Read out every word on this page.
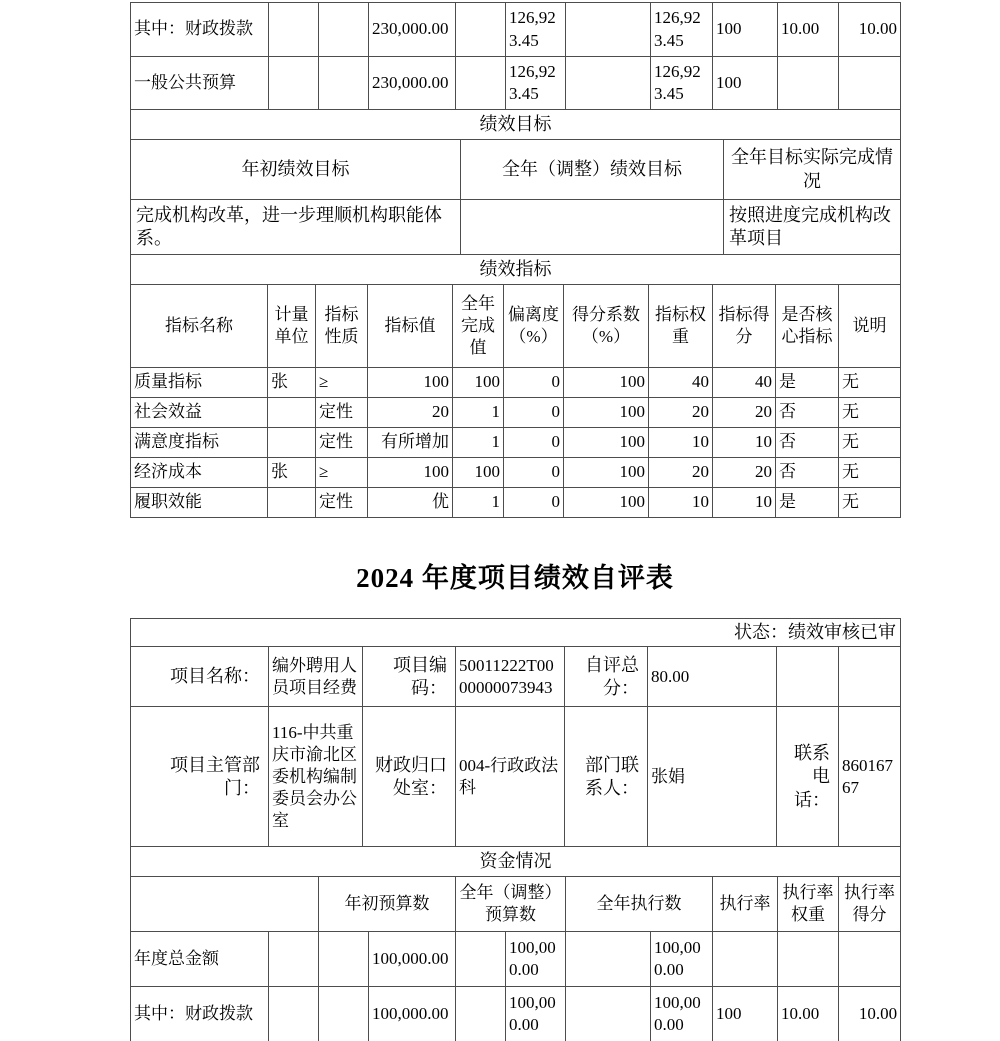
其中：财政拨款			230,000.00		126,923.45		126,923.45	100	10.00	10.00
一般公共预算			230,000.00		126,923.45		126,923.45	100		
绩效目标		
年初绩效目标	全年（调整）绩效目标	全年目标实际完成情况
完成机构改革，进一步理顺机构职能体系。		按照进度完成机构改革项目
绩效指标										
指标名称	计量单位	指标性质	指标值	全年完成值	偏离度（%）	得分系数（%）	指标权重	指标得分	是否核心指标	说明
质量指标	张	≥	100	100	0	100	40	40	是	无
社会效益		定性	20	1	0	100	20	20	否	无
满意度指标		定性	有所增加	1	0	100	10	10	否	无
经济成本	张	≥	100	100	0	100	20	20	否	无
履职效能		定性	优	1	0	100	10	10	是	无
2024 年度项目绩效自评表
状态：绩效审核已审
项目名称：	编外聘用人员项目经费	项目编码：	50011222T0000000073943	自评总分：	80.00		
项目主管部门：	116-中共重庆市渝北区委机构编制委员会办公室	财政归口处室：	004-行政政法科	部门联系人：	张娟	联系电话：	86016767
资金情况										
		年初预算数		全年（调整）预算数		全年执行数		执行率	执行率权重	执行率得分
年度总金额			100,000.00		100,000.00		100,000.00			
其中：财政拨款			100,000.00		100,000.00		100,000.00	100	10.00	10.00
